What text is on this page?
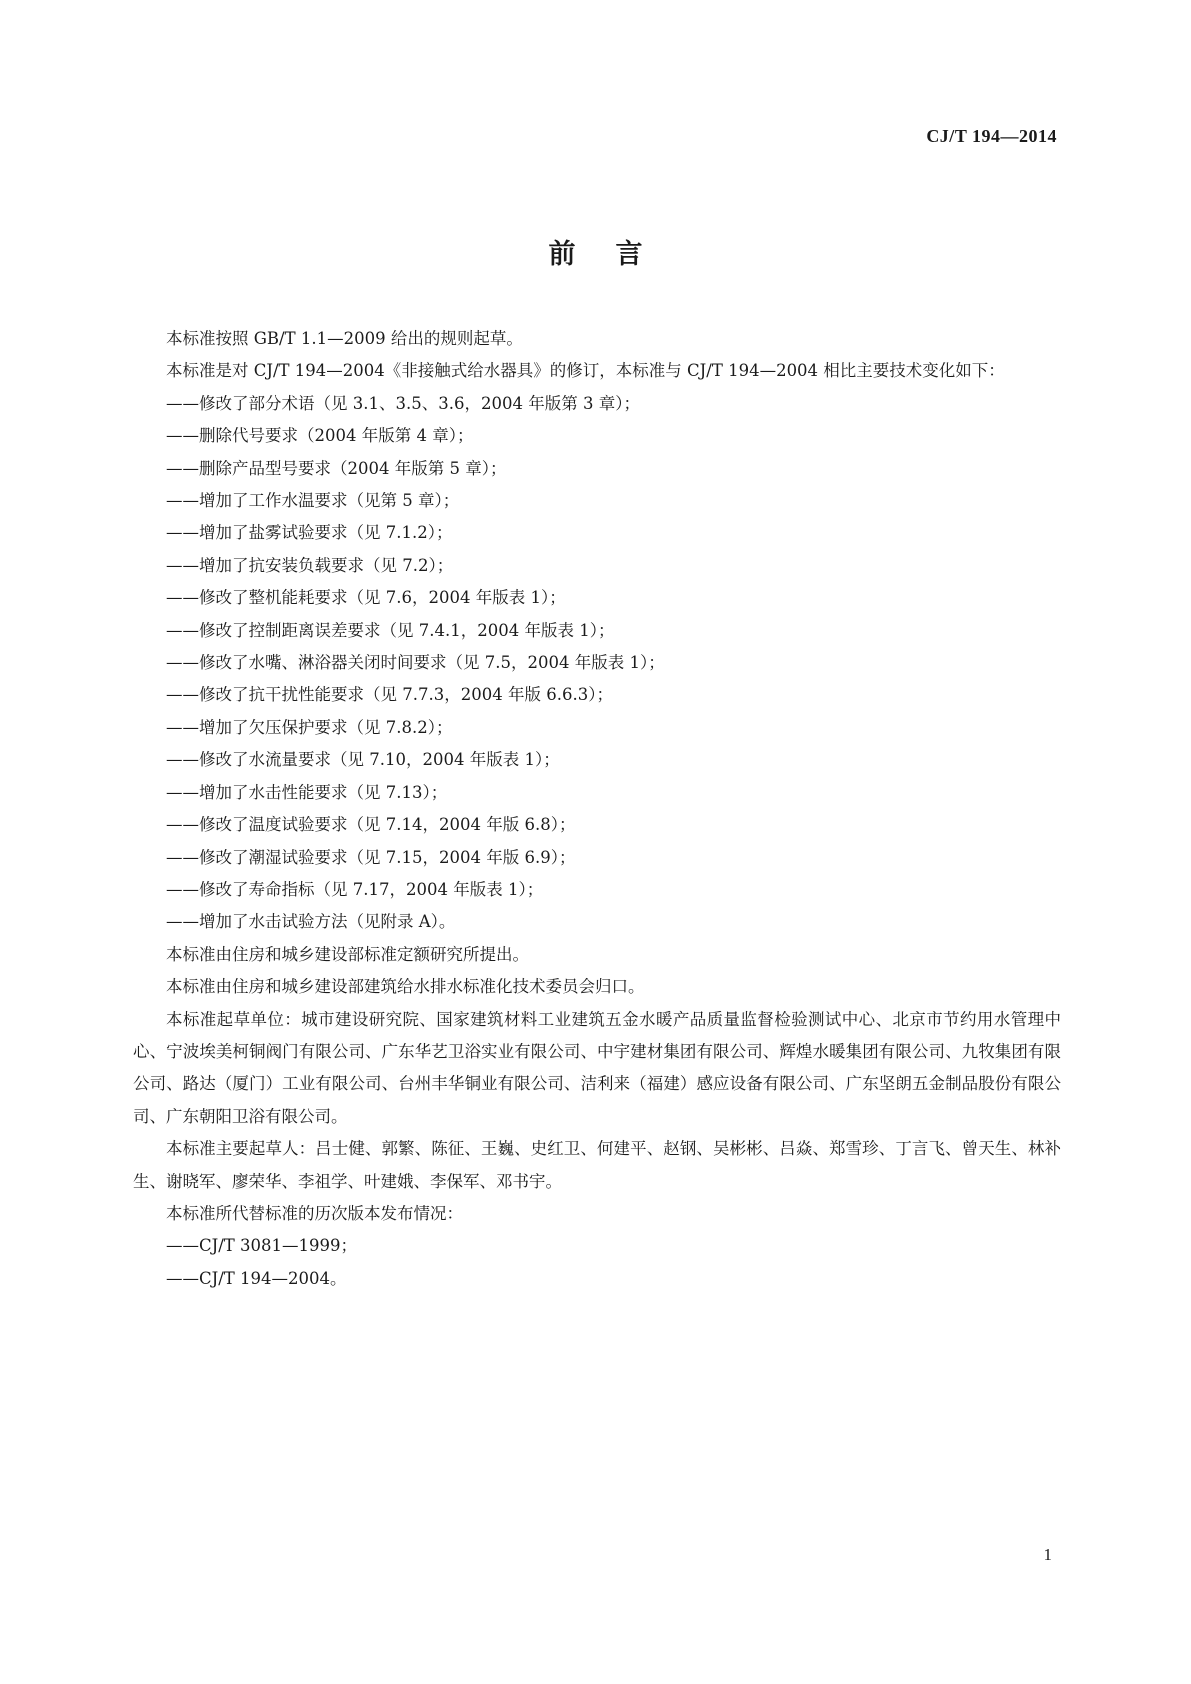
CJ/T 194—2014
前言

本标准按照 GB/T 1.1—2009 给出的规则起草。

本标准是对 CJ/T 194—2004《非接触式给水器具》的修订，本标准与 CJ/T 194—2004 相比主要技术变化如下：

——修改了部分术语（见 3.1、3.5、3.6，2004 年版第 3 章）；
——删除代号要求（2004 年版第 4 章）；
——删除产品型号要求（2004 年版第 5 章）；
——增加了工作水温要求（见第 5 章）；
——增加了盐雾试验要求（见 7.1.2）；
——增加了抗安装负载要求（见 7.2）；
——修改了整机能耗要求（见 7.6，2004 年版表 1）；
——修改了控制距离误差要求（见 7.4.1，2004 年版表 1）；
——修改了水嘴、淋浴器关闭时间要求（见 7.5，2004 年版表 1）；
——修改了抗干扰性能要求（见 7.7.3，2004 年版 6.6.3）；
——增加了欠压保护要求（见 7.8.2）；
——修改了水流量要求（见 7.10，2004 年版表 1）；
——增加了水击性能要求（见 7.13）；
——修改了温度试验要求（见 7.14，2004 年版 6.8）；
——修改了潮湿试验要求（见 7.15，2004 年版 6.9）；
——修改了寿命指标（见 7.17，2004 年版表 1）；
——增加了水击试验方法（见附录 A）。

本标准由住房和城乡建设部标准定额研究所提出。

本标准由住房和城乡建设部建筑给水排水标准化技术委员会归口。

本标准起草单位：城市建设研究院、国家建筑材料工业建筑五金水暖产品质量监督检验测试中心、北京市节约用水管理中心、宁波埃美柯铜阀门有限公司、广东华艺卫浴实业有限公司、中宇建材集团有限公司、辉煌水暖集团有限公司、九牧集团有限公司、路达（厦门）工业有限公司、台州丰华铜业有限公司、洁利来（福建）感应设备有限公司、广东坚朗五金制品股份有限公司、广东朝阳卫浴有限公司。

本标准主要起草人：吕士健、郭繁、陈征、王巍、史红卫、何建平、赵钢、吴彬彬、吕焱、郑雪珍、丁言飞、曾天生、林补生、谢晓军、廖荣华、李祖学、叶建娥、李保军、邓书宇。

本标准所代替标准的历次版本发布情况：

——CJ/T 3081—1999；
——CJ/T 194—2004。
1
